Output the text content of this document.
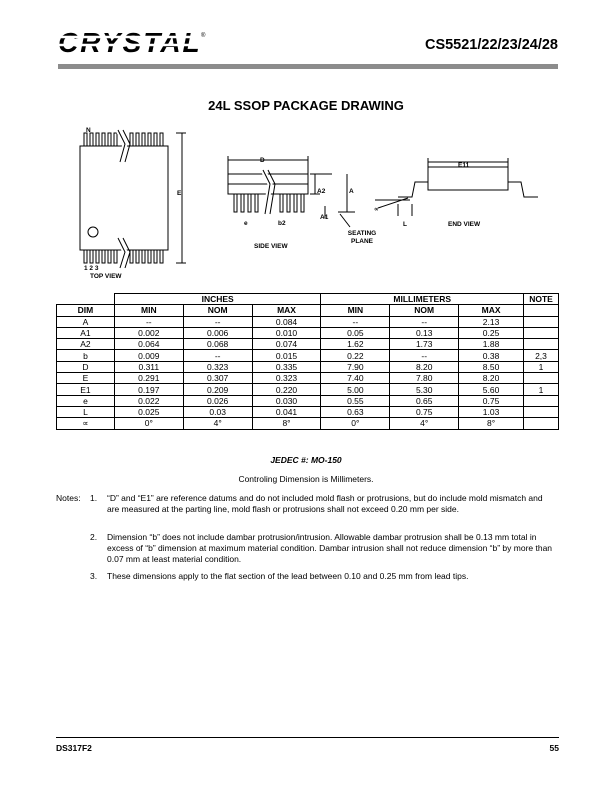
CRYSTAL ®
CS5521/22/23/24/28
24L SSOP PACKAGE DRAWING
N
E
1 2 3
TOP VIEW
D
A2	A
A1
e	b2
SIDE VIEW
SEATING PLANE
E11
∝
L	END VIEW
	INCHES			MILLIMETERS			NOTE
DIM	MIN	NOM	MAX	MIN	NOM	MAX	
A	--	--	0.084	--	--	2.13	
A1	0.002	0.006	0.010	0.05	0.13	0.25	
A2	0.064	0.068	0.074	1.62	1.73	1.88	
b	0.009	--	0.015	0.22	--	0.38	2,3
D	0.311	0.323	0.335	7.90	8.20	8.50	1
E	0.291	0.307	0.323	7.40	7.80	8.20	
E1	0.197	0.209	0.220	5.00	5.30	5.60	1
e	0.022	0.026	0.030	0.55	0.65	0.75	
L	0.025	0.03	0.041	0.63	0.75	1.03	
∝	0°	4°	8°	0°	4°	8°	
JEDEC #: MO-150
Controling Dimension is Millimeters.
Notes: 1. “D” and “E1” are reference datums and do not included mold flash or protrusions, but do include mold mismatch and are measured at the parting line, mold flash or protrusions shall not exceed 0.20 mm per side.
2. Dimension “b” does not include dambar protrusion/intrusion. Allowable dambar protrusion shall be 0.13 mm total in excess of “b” dimension at maximum material condition. Dambar intrusion shall not reduce dimension “b” by more than 0.07 mm at least material condition.
3. These dimensions apply to the flat section of the lead between 0.10 and 0.25 mm from lead tips.
DS317F2	55
